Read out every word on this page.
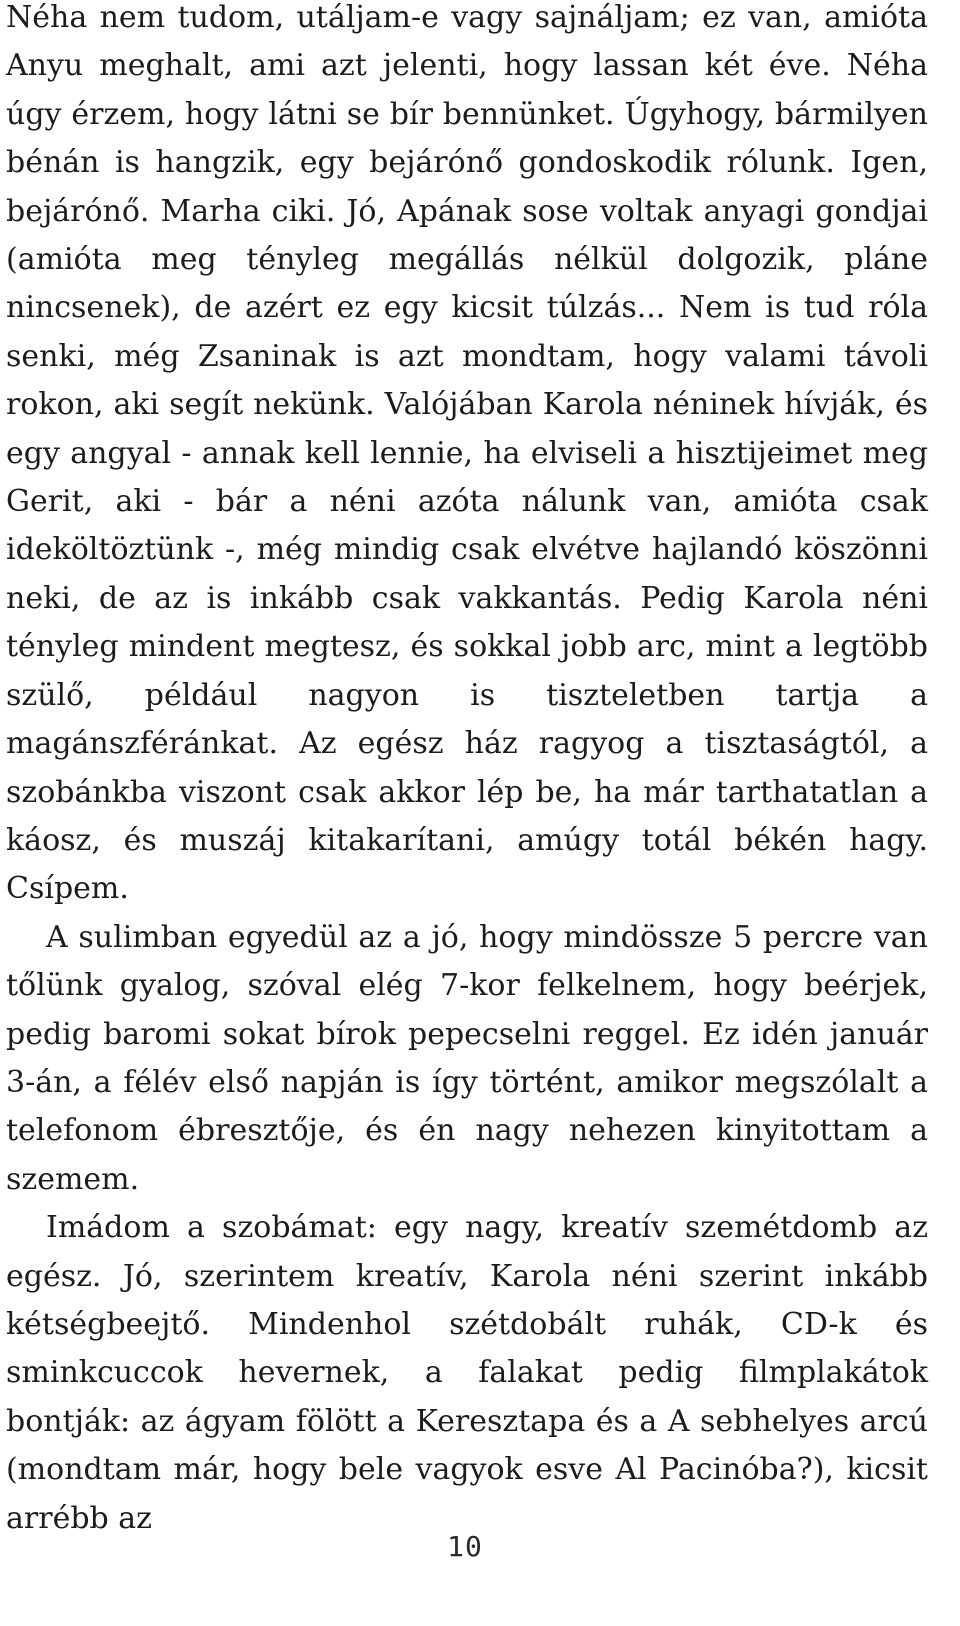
Néha nem tudom, utáljam-e vagy sajnáljam; ez van, amióta Anyu meghalt, ami azt jelenti, hogy lassan két éve. Néha úgy érzem, hogy látni se bír bennünket. Úgyhogy, bármilyen bénán is hangzik, egy bejárónő gondoskodik rólunk. Igen, bejárónő. Marha ciki. Jó, Apának sose voltak anyagi gondjai (amióta meg tényleg megállás nélkül dolgozik, pláne nincsenek), de azért ez egy kicsit túlzás... Nem is tud róla senki, még Zsaninak is azt mondtam, hogy valami távoli rokon, aki segít nekünk. Valójában Karola néninek hívják, és egy angyal - annak kell lennie, ha elviseli a hisztijeimet meg Gerit, aki - bár a néni azóta nálunk van, amióta csak ideköltöztünk -, még mindig csak elvétve hajlandó köszönni neki, de az is inkább csak vakkantás. Pedig Karola néni tényleg mindent megtesz, és sokkal jobb arc, mint a legtöbb szülő, például nagyon is tiszteletben tartja a magánszféránkat. Az egész ház ragyog a tisztaságtól, a szobánkba viszont csak akkor lép be, ha már tarthatatlan a káosz, és muszáj kitakarítani, amúgy totál békén hagy. Csípem.

A sulimban egyedül az a jó, hogy mindössze 5 percre van tőlünk gyalog, szóval elég 7-kor felkelnem, hogy beérjek, pedig baromi sokat bírok pepecselni reggel. Ez idén január 3-án, a félév első napján is így történt, amikor megszólalt a telefonom ébresztője, és én nagy nehezen kinyitottam a szemem.

Imádom a szobámat: egy nagy, kreatív szemétdomb az egész. Jó, szerintem kreatív, Karola néni szerint inkább kétségbeejtő. Mindenhol szétdobált ruhák, CD-k és sminkcuccok hevernek, a falakat pedig filmplakátok bontják: az ágyam fölött a Keresztapa és a A sebhelyes arcú (mondtam már, hogy bele vagyok esve Al Pacinóba?), kicsit arrébb az

10
